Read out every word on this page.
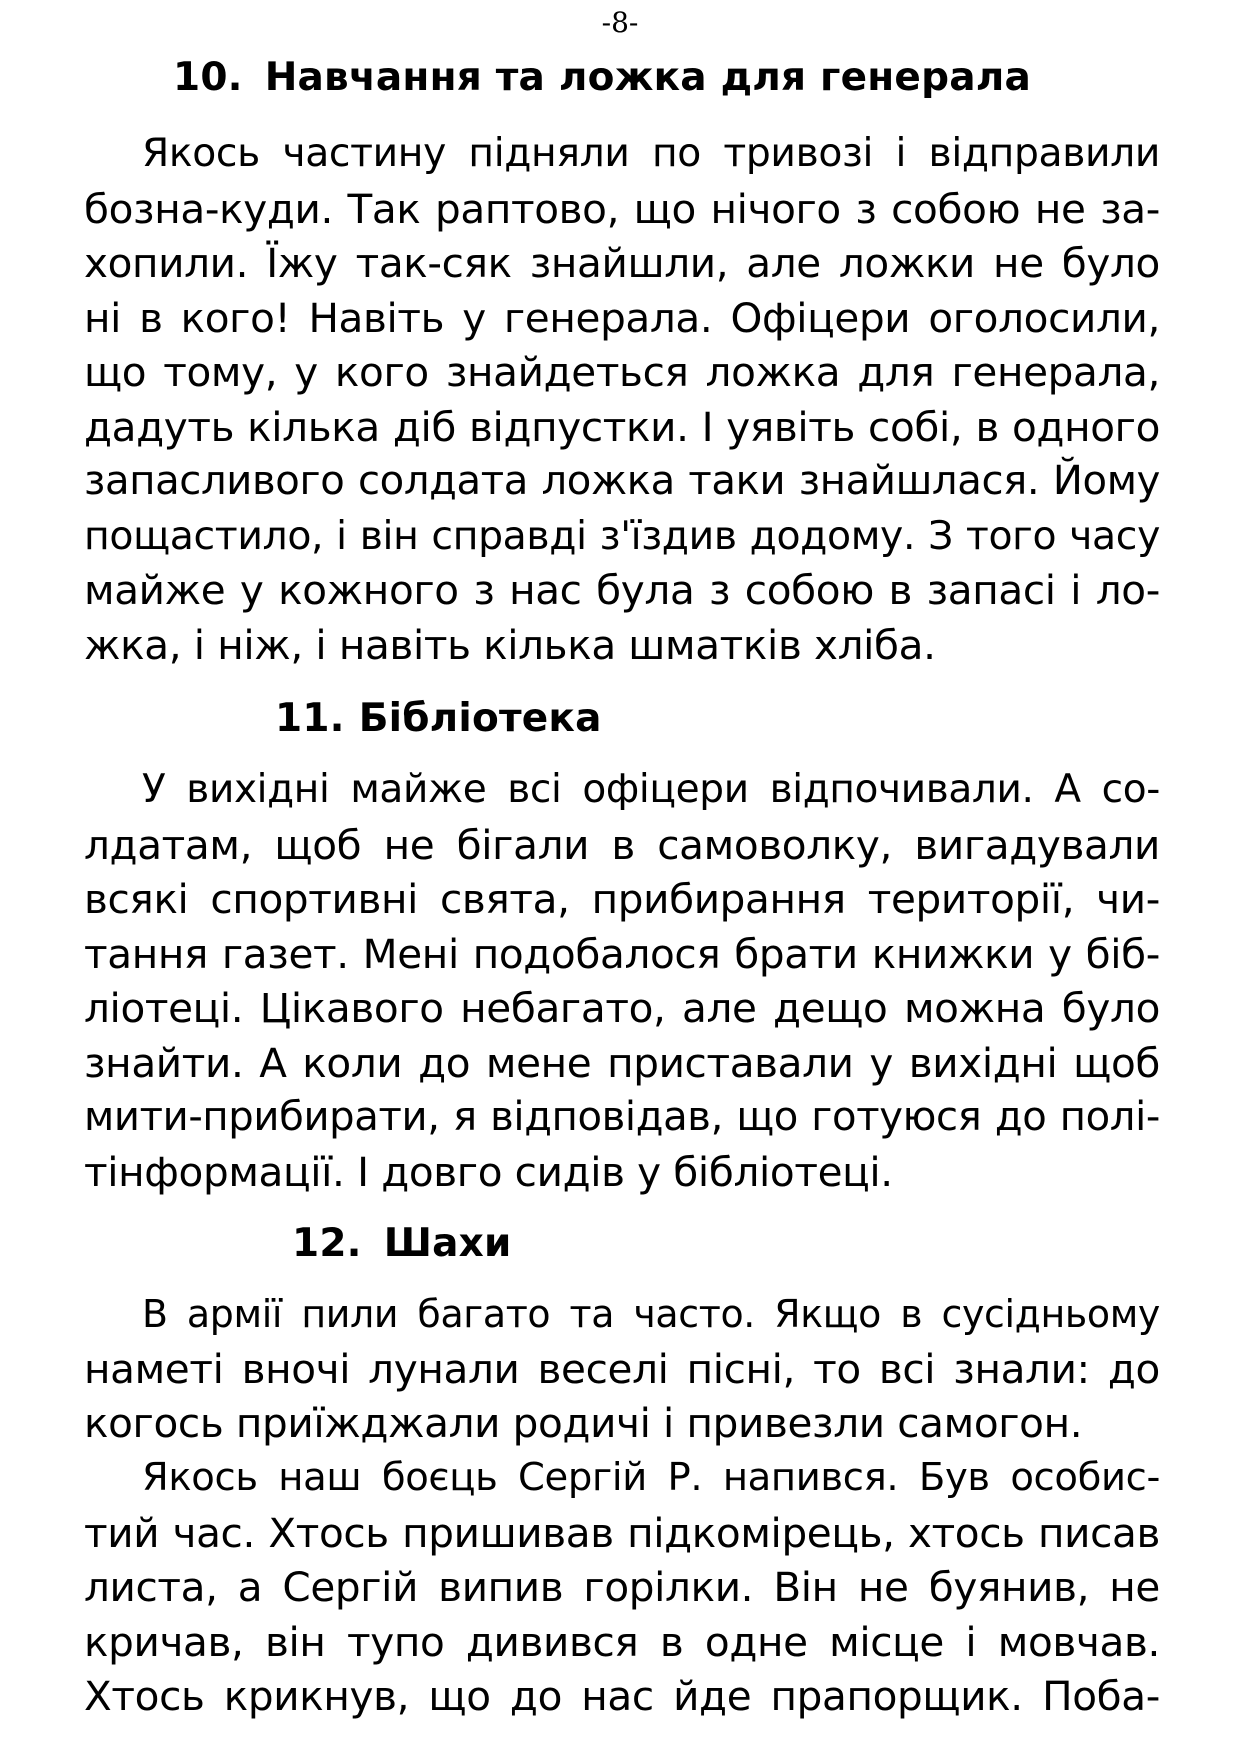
-8-
10. Навчання та ложка для генерала
Якось частину підняли по тривозі і відправили
бозна-куди. Так раптово, що нічого з собою не за-
хопили. Їжу так-сяк знайшли, але ложки не було
ні в кого! Навіть у генерала. Офіцери оголосили,
що тому, у кого знайдеться ложка для генерала,
дадуть кілька діб відпустки. І уявіть собі, в одного
запасливого солдата ложка таки знайшлася. Йому
пощастило, і він справді з'їздив додому. З того часу
майже у кожного з нас була з собою в запасі і ло-
жка, і ніж, і навіть кілька шматків хліба.
11. Бібліотека
У вихідні майже всі офіцери відпочивали. А со-
лдатам, щоб не бігали в самоволку, вигадували
всякі спортивні свята, прибирання території, чи-
тання газет. Мені подобалося брати книжки у біб-
ліотеці. Цікавого небагато, але дещо можна було
знайти. А коли до мене приставали у вихідні щоб
мити-прибирати, я відповідав, що готуюся до полі-
тінформації. І довго сидів у бібліотеці.
12. Шахи
В армії пили багато та часто. Якщо в сусідньому
наметі вночі лунали веселі пісні, то всі знали: до
когось приїжджали родичі і привезли самогон.
Якось наш боєць Сергій Р. напився. Був особис-
тий час. Хтось пришивав підкомірець, хтось писав
листа, а Сергій випив горілки. Він не буянив, не
кричав, він тупо дивився в одне місце і мовчав.
Хтось крикнув, що до нас йде прапорщик. Поба-
